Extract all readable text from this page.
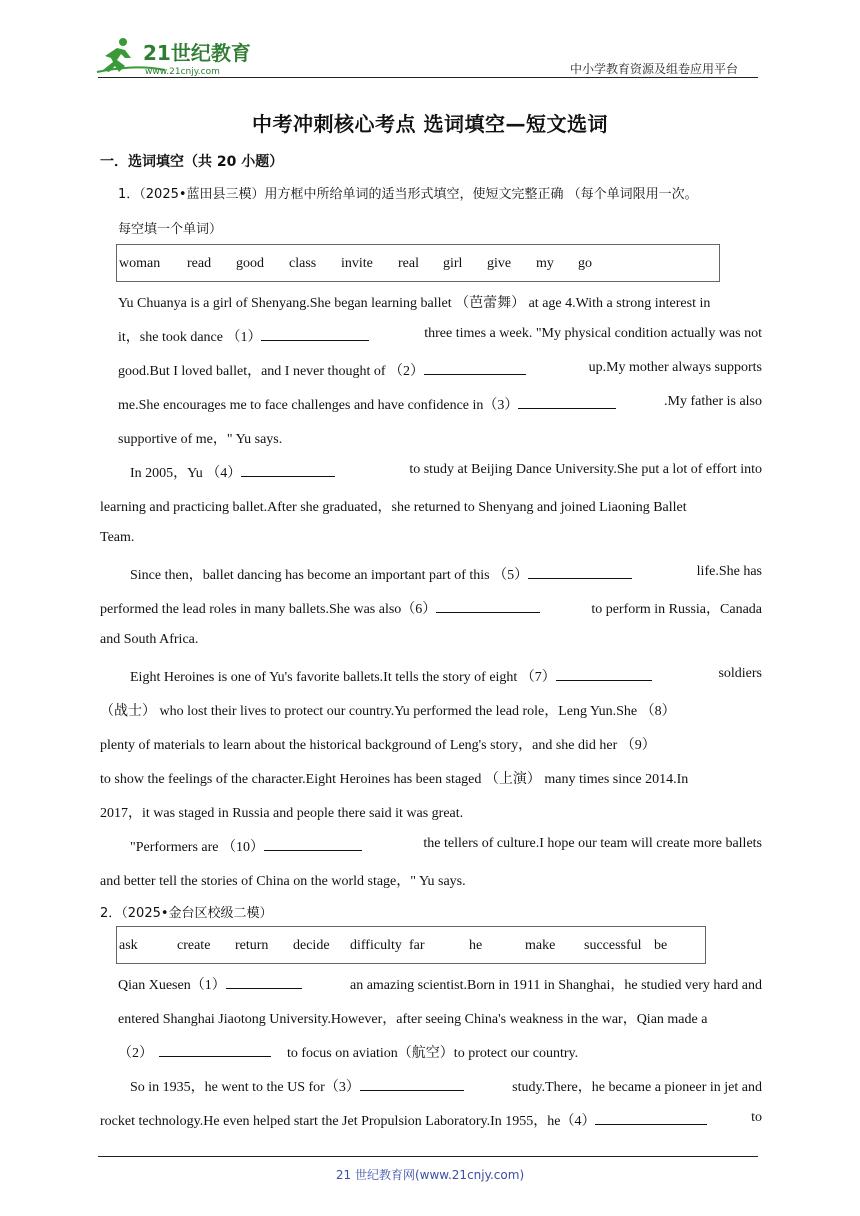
21世纪教育
www.21cnjy.com	中小学教育资源及组卷应用平台
中考冲刺核心考点 选词填空—短文选词
一．选词填空（共 20 小题）
1．（2025•蓝田县三模）用方框中所给单词的适当形式填空，使短文完整正确 （每个单词限用一次。
每空填一个单词）
woman read good class invite real girl give my go
Yu Chuanya is a girl of Shenyang.She began learning ballet （芭蕾舞） at age 4.With a strong interest in
it，she took dance （1）	three times a week. "My physical condition actually was not
good.But I loved ballet，and I never thought of （2）	up.My mother always supports
me.She encourages me to face challenges and have confidence in（3）	.My father is also
supportive of me，" Yu says.
In 2005，Yu （4）	to study at Beijing Dance University.She put a lot of effort into
learning and practicing ballet.After she graduated，she returned to Shenyang and joined Liaoning Ballet
Team.
Since then，ballet dancing has become an important part of this （5）	life.She has
performed the lead roles in many ballets.She was also（6）	to perform in Russia，Canada
and South Africa.
Eight Heroines is one of Yu's favorite ballets.It tells the story of eight （7）	soldiers
（战士） who lost their lives to protect our country.Yu performed the lead role，Leng Yun.She （8）
plenty of materials to learn about the historical background of Leng's story，and she did her （9）
to show the feelings of the character.Eight Heroines has been staged （上演） many times since 2014.In
2017，it was staged in Russia and people there said it was great.
"Performers are （10）	the tellers of culture.I hope our team will create more ballets
and better tell the stories of China on the world stage，" Yu says.
2．（2025•金台区校级二模）
ask	create return decide difficulty far	he	make successful be
Qian Xuesen（1）	an amazing scientist.Born in 1911 in Shanghai，he studied very hard and
entered Shanghai Jiaotong University.However，after seeing China's weakness in the war，Qian made a
（2）	to focus on aviation（航空）to protect our country.
So in 1935，he went to the US for（3）	study.There，he became a pioneer in jet and
rocket technology.He even helped start the Jet Propulsion Laboratory.In 1955，he（4）	to
21 世纪教育网(www.21cnjy.com)
